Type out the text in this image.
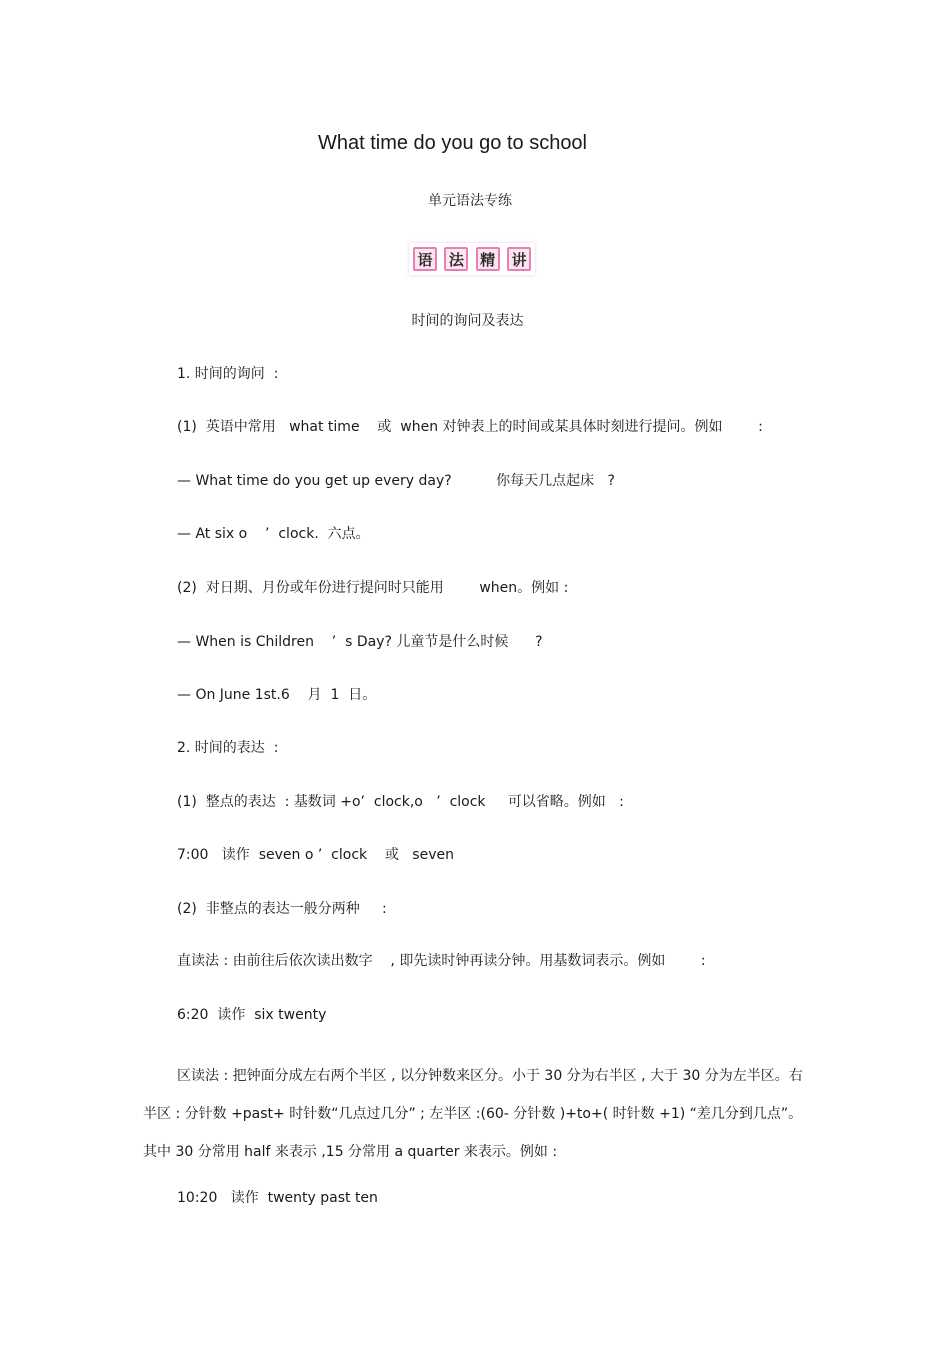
What time do you go to school
单元语法专练
语	法	精	讲
时间的询问及表达

1. 时间的询问  :

(1)  英语中常用   what time    或  when 对钟表上的时间或某具体时刻进行提问。例如        :

— What time do you get up every day?          你每天几点起床   ?

— At six o    ’  clock.  六点。

(2)  对日期、月份或年份进行提问时只能用        when。例如 :

— When is Children    ’  s Day? 儿童节是什么时候      ?

— On June 1st.6    月  1  日。

2. 时间的表达  :

(1)  整点的表达  : 基数词 +o’  clock,o   ’  clock     可以省略。例如   :

7:00   读作  seven o ’  clock    或   seven

(2)  非整点的表达一般分两种     :

直读法 : 由前往后依次读出数字    , 即先读时钟再读分钟。用基数词表示。例如        :

6:20  读作  six twenty

区读法 : 把钟面分成左右两个半区 , 以分钟数来区分。小于 30 分为右半区 , 大于 30 分为左半区。右半区 : 分针数 +past+ 时针数“几点过几分” ; 左半区 :(60- 分针数 )+to+( 时针数 +1) “差几分到几点”。其中 30 分常用 half 来表示 ,15 分常用 a quarter 来表示。例如 :

10:20   读作  twenty past ten
